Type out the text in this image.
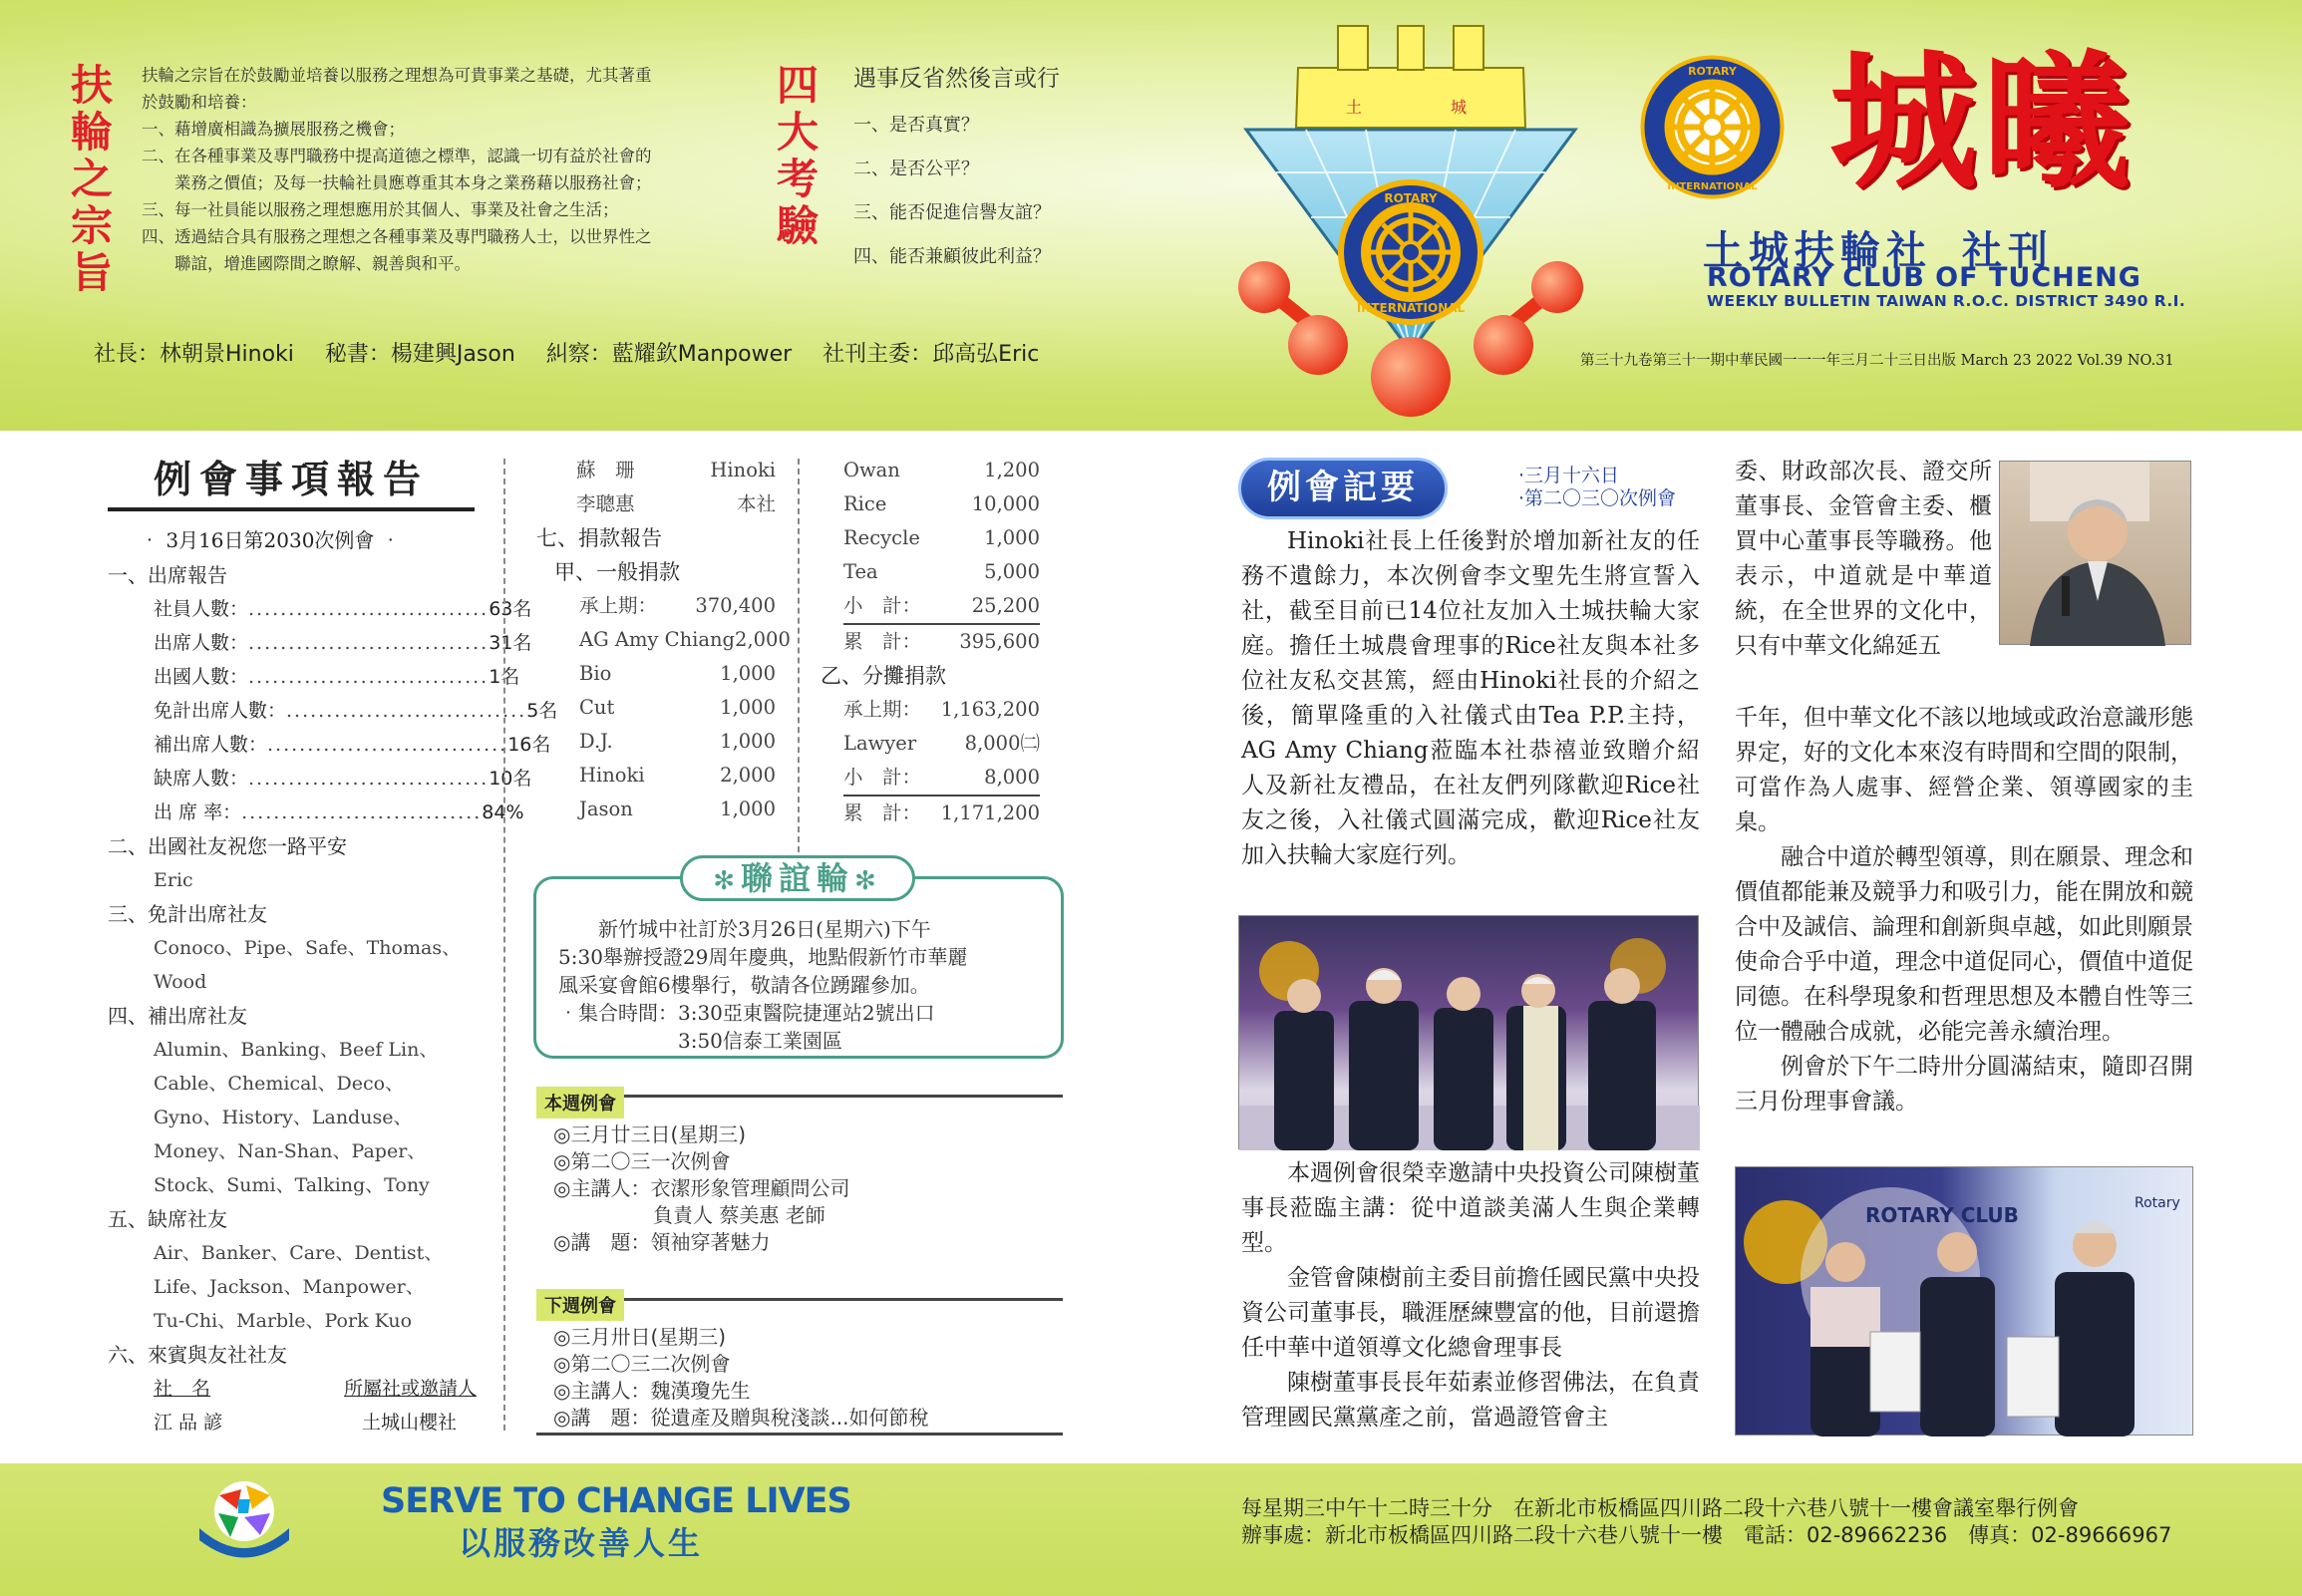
扶輪之宗旨
扶輪之宗旨在於鼓勵並培養以服務之理想為可貴事業之基礎，尤其著重
於鼓勵和培養：
一、藉增廣相識為擴展服務之機會；
二、在各種事業及專門職務中提高道德之標準，認識一切有益於社會的
　　業務之價值；及每一扶輪社員應尊重其本身之業務藉以服務社會；
三、每一社員能以服務之理想應用於其個人、事業及社會之生活；
四、透過結合具有服務之理想之各種事業及專門職務人士，以世界性之
　　聯誼，增進國際間之瞭解、親善與和平。
四大考驗
遇事反省然後言或行
一、是否真實？
二、是否公平？
三、能否促進信譽友誼？
四、能否兼顧彼此利益？
社長：林朝景Hinoki 秘書：楊建興Jason 糾察：藍耀欽Manpower 社刊主委：邱高弘Eric
土	城
ROTARY
INTERNATIONAL
ROTARY
INTERNATIONAL 城曦
土城扶輪社 社刊
ROTARY CLUB OF TUCHENG
WEEKLY BULLETIN TAIWAN R.O.C. DISTRICT 3490 R.I.
第三十九卷第三十一期中華民國一一一年三月二十三日出版 March 23 2022 Vol.39 NO.31
例會事項報告
‧ 3月16日第2030次例會 ‧
一、出席報告
社員人數： .............................. 63名
出席人數： .............................. 31名
出國人數： .............................. 1名
免計出席人數： .............................. 5名
補出席人數： .............................. 16名
缺席人數： .............................. 10名
出 席 率： .............................. 84%
二、出國社友祝您一路平安
Eric
三、免計出席社友
Conoco、Pipe、Safe、Thomas、
Wood
四、補出席社友
Alumin、Banking、Beef Lin、
Cable、Chemical、Deco、
Gyno、History、Landuse、
Money、Nan-Shan、Paper、
Stock、Sumi、Talking、Tony
五、缺席社友
Air、Banker、Care、Dentist、
Life、Jackson、Manpower、
Tu-Chi、Marble、Pork Kuo
六、來賓與友社社友
社　名	所屬社或邀請人
江 品 諺	土城山櫻社
蘇　珊	Hinoki
李聰惠	本社
七、捐款報告
甲、一般捐款
承上期： 370,400
AG Amy Chiang 2,000
Bio	1,000
Cut	1,000
D.J.	1,000
Hinoki	2,000
Jason	1,000
Owan	1,200
Rice	10,000
Recycle	1,000
Tea	5,000
小　計：	25,200
累　計： 395,600
乙、分攤捐款
承上期： 1,163,200
Lawyer 8,000㈡
小　計：	8,000
累　計： 1,171,200
✻聯誼輪✻
　　新竹城中社訂於3月26日(星期六)下午
5:30舉辦授證29周年慶典，地點假新竹市華麗
風采宴會館6樓舉行，敬請各位踴躍參加。
‧集合時間：3:30亞東醫院捷運站2號出口
　　　　　　3:50信泰工業園區
本週例會
◎三月廿三日(星期三)
◎第二〇三一次例會
◎主講人：衣潔形象管理顧問公司
　　　　　負責人 蔡美惠 老師
◎講　題：領袖穿著魅力
下週例會
◎三月卅日(星期三)
◎第二〇三二次例會
◎主講人：魏漢瓊先生
◎講　題：從遺產及贈與稅淺談...如何節稅
例會記要	‧三月十六日
‧第二〇三〇次例會

Hinoki社長上任後對於增加新社友的任務不遺餘力，本次例會李文聖先生將宣誓入社，截至目前已14位社友加入土城扶輪大家庭。擔任土城農會理事的Rice社友與本社多位社友私交甚篤，經由Hinoki社長的介紹之後，簡單隆重的入社儀式由Tea P.P.主持，AG Amy Chiang蒞臨本社恭禧並致贈介紹人及新社友禮品，在社友們列隊歡迎Rice社友之後，入社儀式圓滿完成，歡迎Rice社友加入扶輪大家庭行列。

本週例會很榮幸邀請中央投資公司陳樹董事長蒞臨主講：從中道談美滿人生與企業轉型。

金管會陳樹前主委目前擔任國民黨中央投資公司董事長，職涯歷練豐富的他，目前還擔任中華中道領導文化總會理事長

陳樹董事長長年茹素並修習佛法，在負責管理國民黨黨產之前，當過證管會主

委、財政部次長、證交所董事長、金管會主委、櫃買中心董事長等職務。他表示，中道就是中華道統，在全世界的文化中，只有中華文化綿延五

千年，但中華文化不該以地域或政治意識形態界定，好的文化本來沒有時間和空間的限制，可當作為人處事、經營企業、領導國家的圭臬。

融合中道於轉型領導，則在願景、理念和價值都能兼及競爭力和吸引力，能在開放和競合中及誠信、論理和創新與卓越，如此則願景使命合乎中道，理念中道促同心，價值中道促同德。在科學現象和哲理思想及本體自性等三位一體融合成就，必能完善永續治理。

例會於下午二時卅分圓滿結束，隨即召開三月份理事會議。

ROTARY CLUB	Rotary
SERVE TO CHANGE LIVES
以服務改善人生
每星期三中午十二時三十分　在新北市板橋區四川路二段十六巷八號十一樓會議室舉行例會
辦事處：新北市板橋區四川路二段十六巷八號十一樓　電話：02-89662236　傳真：02-89666967
